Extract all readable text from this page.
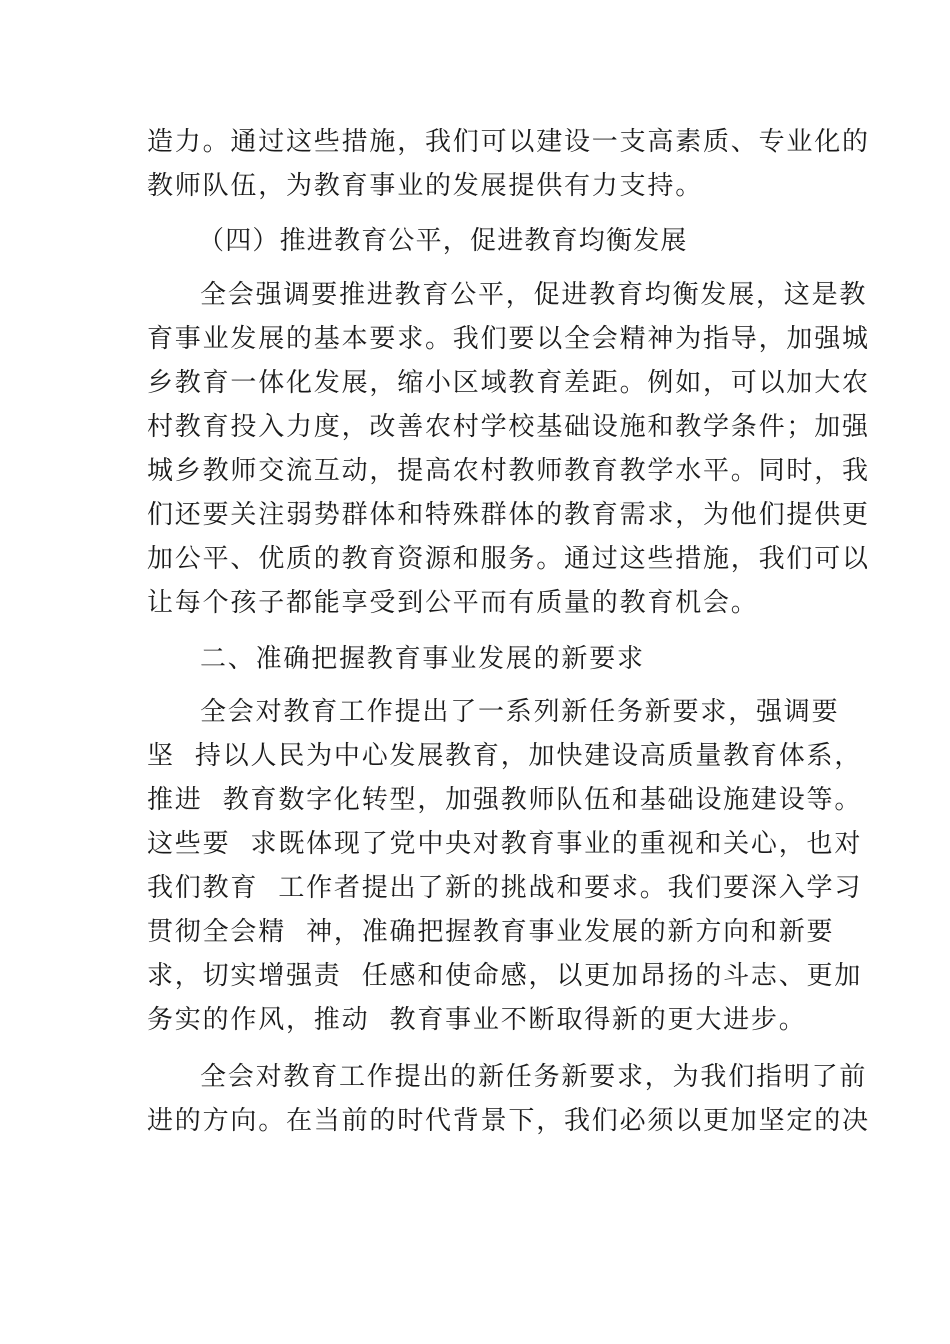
造力。通过这些措施，我们可以建设一支高素质、专业化的
教师队伍，为教育事业的发展提供有力支持。
（四）推进教育公平，促进教育均衡发展
全会强调要推进教育公平，促进教育均衡发展，这是教
育事业发展的基本要求。我们要以全会精神为指导，加强城
乡教育一体化发展，缩小区域教育差距。例如，可以加大农
村教育投入力度，改善农村学校基础设施和教学条件；加强
城乡教师交流互动，提高农村教师教育教学水平。同时，我
们还要关注弱势群体和特殊群体的教育需求，为他们提供更
加公平、优质的教育资源和服务。通过这些措施，我们可以
让每个孩子都能享受到公平而有质量的教育机会。
二、准确把握教育事业发展的新要求
全会对教育工作提出了一系列新任务新要求，强调要
坚  持以人民为中心发展教育，加快建设高质量教育体系，
推进  教育数字化转型，加强教师队伍和基础设施建设等。
这些要  求既体现了党中央对教育事业的重视和关心，也对
我们教育  工作者提出了新的挑战和要求。我们要深入学习
贯彻全会精  神，准确把握教育事业发展的新方向和新要
求，切实增强责  任感和使命感，以更加昂扬的斗志、更加
务实的作风，推动  教育事业不断取得新的更大进步。
全会对教育工作提出的新任务新要求，为我们指明了前
进的方向。在当前的时代背景下，我们必须以更加坚定的决
